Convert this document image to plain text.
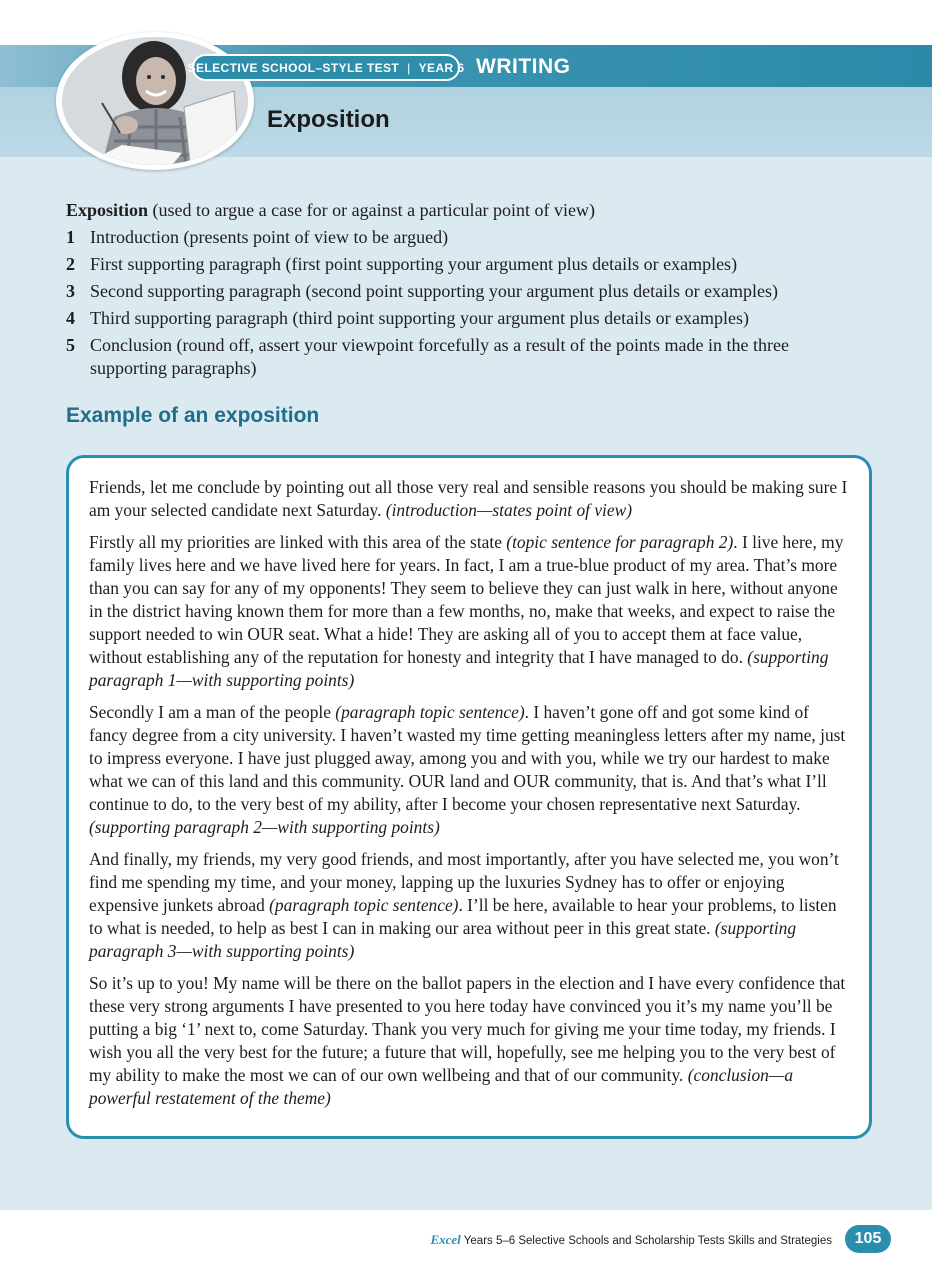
SELECTIVE SCHOOL–STYLE TEST | YEAR 6 WRITING
Exposition
Exposition (used to argue a case for or against a particular point of view)
1 Introduction (presents point of view to be argued)
2 First supporting paragraph (first point supporting your argument plus details or examples)
3 Second supporting paragraph (second point supporting your argument plus details or examples)
4 Third supporting paragraph (third point supporting your argument plus details or examples)
5 Conclusion (round off, assert your viewpoint forcefully as a result of the points made in the three supporting paragraphs)
Example of an exposition

Friends, let me conclude by pointing out all those very real and sensible reasons you should be making sure I am your selected candidate next Saturday. (introduction—states point of view)

Firstly all my priorities are linked with this area of the state (topic sentence for paragraph 2). I live here, my family lives here and we have lived here for years. In fact, I am a true-blue product of my area. That’s more than you can say for any of my opponents! They seem to believe they can just walk in here, without anyone in the district having known them for more than a few months, no, make that weeks, and expect to raise the support needed to win OUR seat. What a hide! They are asking all of you to accept them at face value, without establishing any of the reputation for honesty and integrity that I have managed to do. (supporting paragraph 1—with supporting points)

Secondly I am a man of the people (paragraph topic sentence). I haven’t gone off and got some kind of fancy degree from a city university. I haven’t wasted my time getting meaningless letters after my name, just to impress everyone. I have just plugged away, among you and with you, while we try our hardest to make what we can of this land and this community. OUR land and OUR community, that is. And that’s what I’ll continue to do, to the very best of my ability, after I become your chosen representative next Saturday. (supporting paragraph 2—with supporting points)

And finally, my friends, my very good friends, and most importantly, after you have selected me, you won’t find me spending my time, and your money, lapping up the luxuries Sydney has to offer or enjoying expensive junkets abroad (paragraph topic sentence). I’ll be here, available to hear your problems, to listen to what is needed, to help as best I can in making our area without peer in this great state. (supporting paragraph 3—with supporting points)

So it’s up to you! My name will be there on the ballot papers in the election and I have every confidence that these very strong arguments I have presented to you here today have convinced you it’s my name you’ll be putting a big ‘1’ next to, come Saturday. Thank you very much for giving me your time today, my friends. I wish you all the very best for the future; a future that will, hopefully, see me helping you to the very best of my ability to make the most we can of our own wellbeing and that of our community. (conclusion—a powerful restatement of the theme)

Excel Years 5–6 Selective Schools and Scholarship Tests Skills and Strategies	105
